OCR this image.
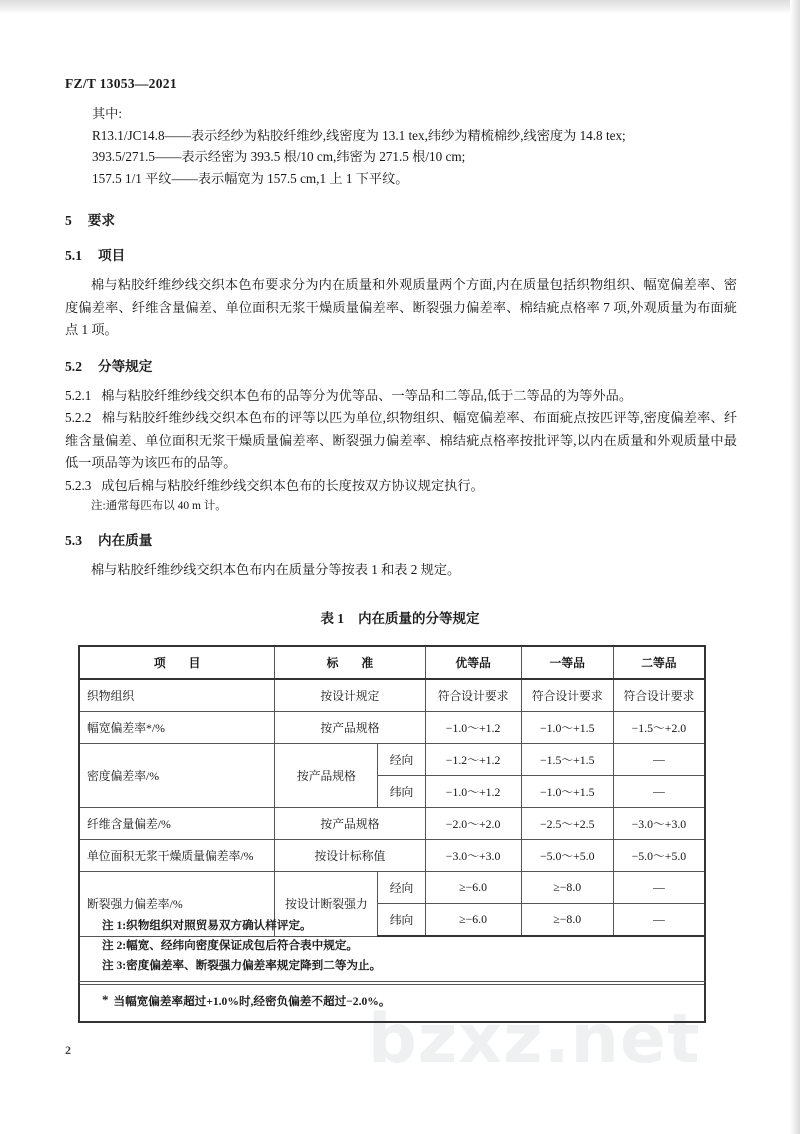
bzxz.net
FZ/T 13053—2021
其中:
R13.1/JC14.8——表示经纱为粘胶纤维纱,线密度为 13.1 tex,纬纱为精梳棉纱,线密度为 14.8 tex;
393.5/271.5——表示经密为 393.5 根/10 cm,纬密为 271.5 根/10 cm;
157.5 1/1 平纹——表示幅宽为 157.5 cm,1 上 1 下平纹。
5 要求
5.1 项目
棉与粘胶纤维纱线交织本色布要求分为内在质量和外观质量两个方面,内在质量包括织物组织、幅宽偏差率、密度偏差率、纤维含量偏差、单位面积无浆干燥质量偏差率、断裂强力偏差率、棉结疵点格率 7 项,外观质量为布面疵点 1 项。
5.2 分等规定
5.2.1 棉与粘胶纤维纱线交织本色布的品等分为优等品、一等品和二等品,低于二等品的为等外品。
5.2.2 棉与粘胶纤维纱线交织本色布的评等以匹为单位,织物组织、幅宽偏差率、布面疵点按匹评等,密度偏差率、纤维含量偏差、单位面积无浆干燥质量偏差率、断裂强力偏差率、棉结疵点格率按批评等,以内在质量和外观质量中最低一项品等为该匹布的品等。
5.2.3 成包后棉与粘胶纤维纱线交织本色布的长度按双方协议规定执行。
注:通常每匹布以 40 m 计。
5.3 内在质量
棉与粘胶纤维纱线交织本色布内在质量分等按表 1 和表 2 规定。
表 1 内在质量的分等规定
项 目	标 准		优等品	一等品	二等品
织物组织	按设计规定		符合设计要求	符合设计要求	符合设计要求
幅宽偏差率*/%	按产品规格		−1.0～+1.2	−1.0～+1.5	−1.5～+2.0
密度偏差率/%	按产品规格	经向	−1.2～+1.2	−1.5～+1.5	—
		纬向	−1.0～+1.2	−1.0～+1.5	—
纤维含量偏差/%	按产品规格		−2.0～+2.0	−2.5～+2.5	−3.0～+3.0
单位面积无浆干燥质量偏差率/%	按设计标称值		−3.0～+3.0	−5.0～+5.0	−5.0～+5.0
断裂强力偏差率/%	按设计断裂强力	经向	≥−6.0	≥−8.0	—
		纬向	≥−6.0	≥−8.0	—
注 1:织物组织对照贸易双方确认样评定。
注 2:幅宽、经纬向密度保证成包后符合表中规定。
注 3:密度偏差率、断裂强力偏差率规定降到二等为止。
* 当幅宽偏差率超过+1.0%时,经密负偏差不超过−2.0%。
2
